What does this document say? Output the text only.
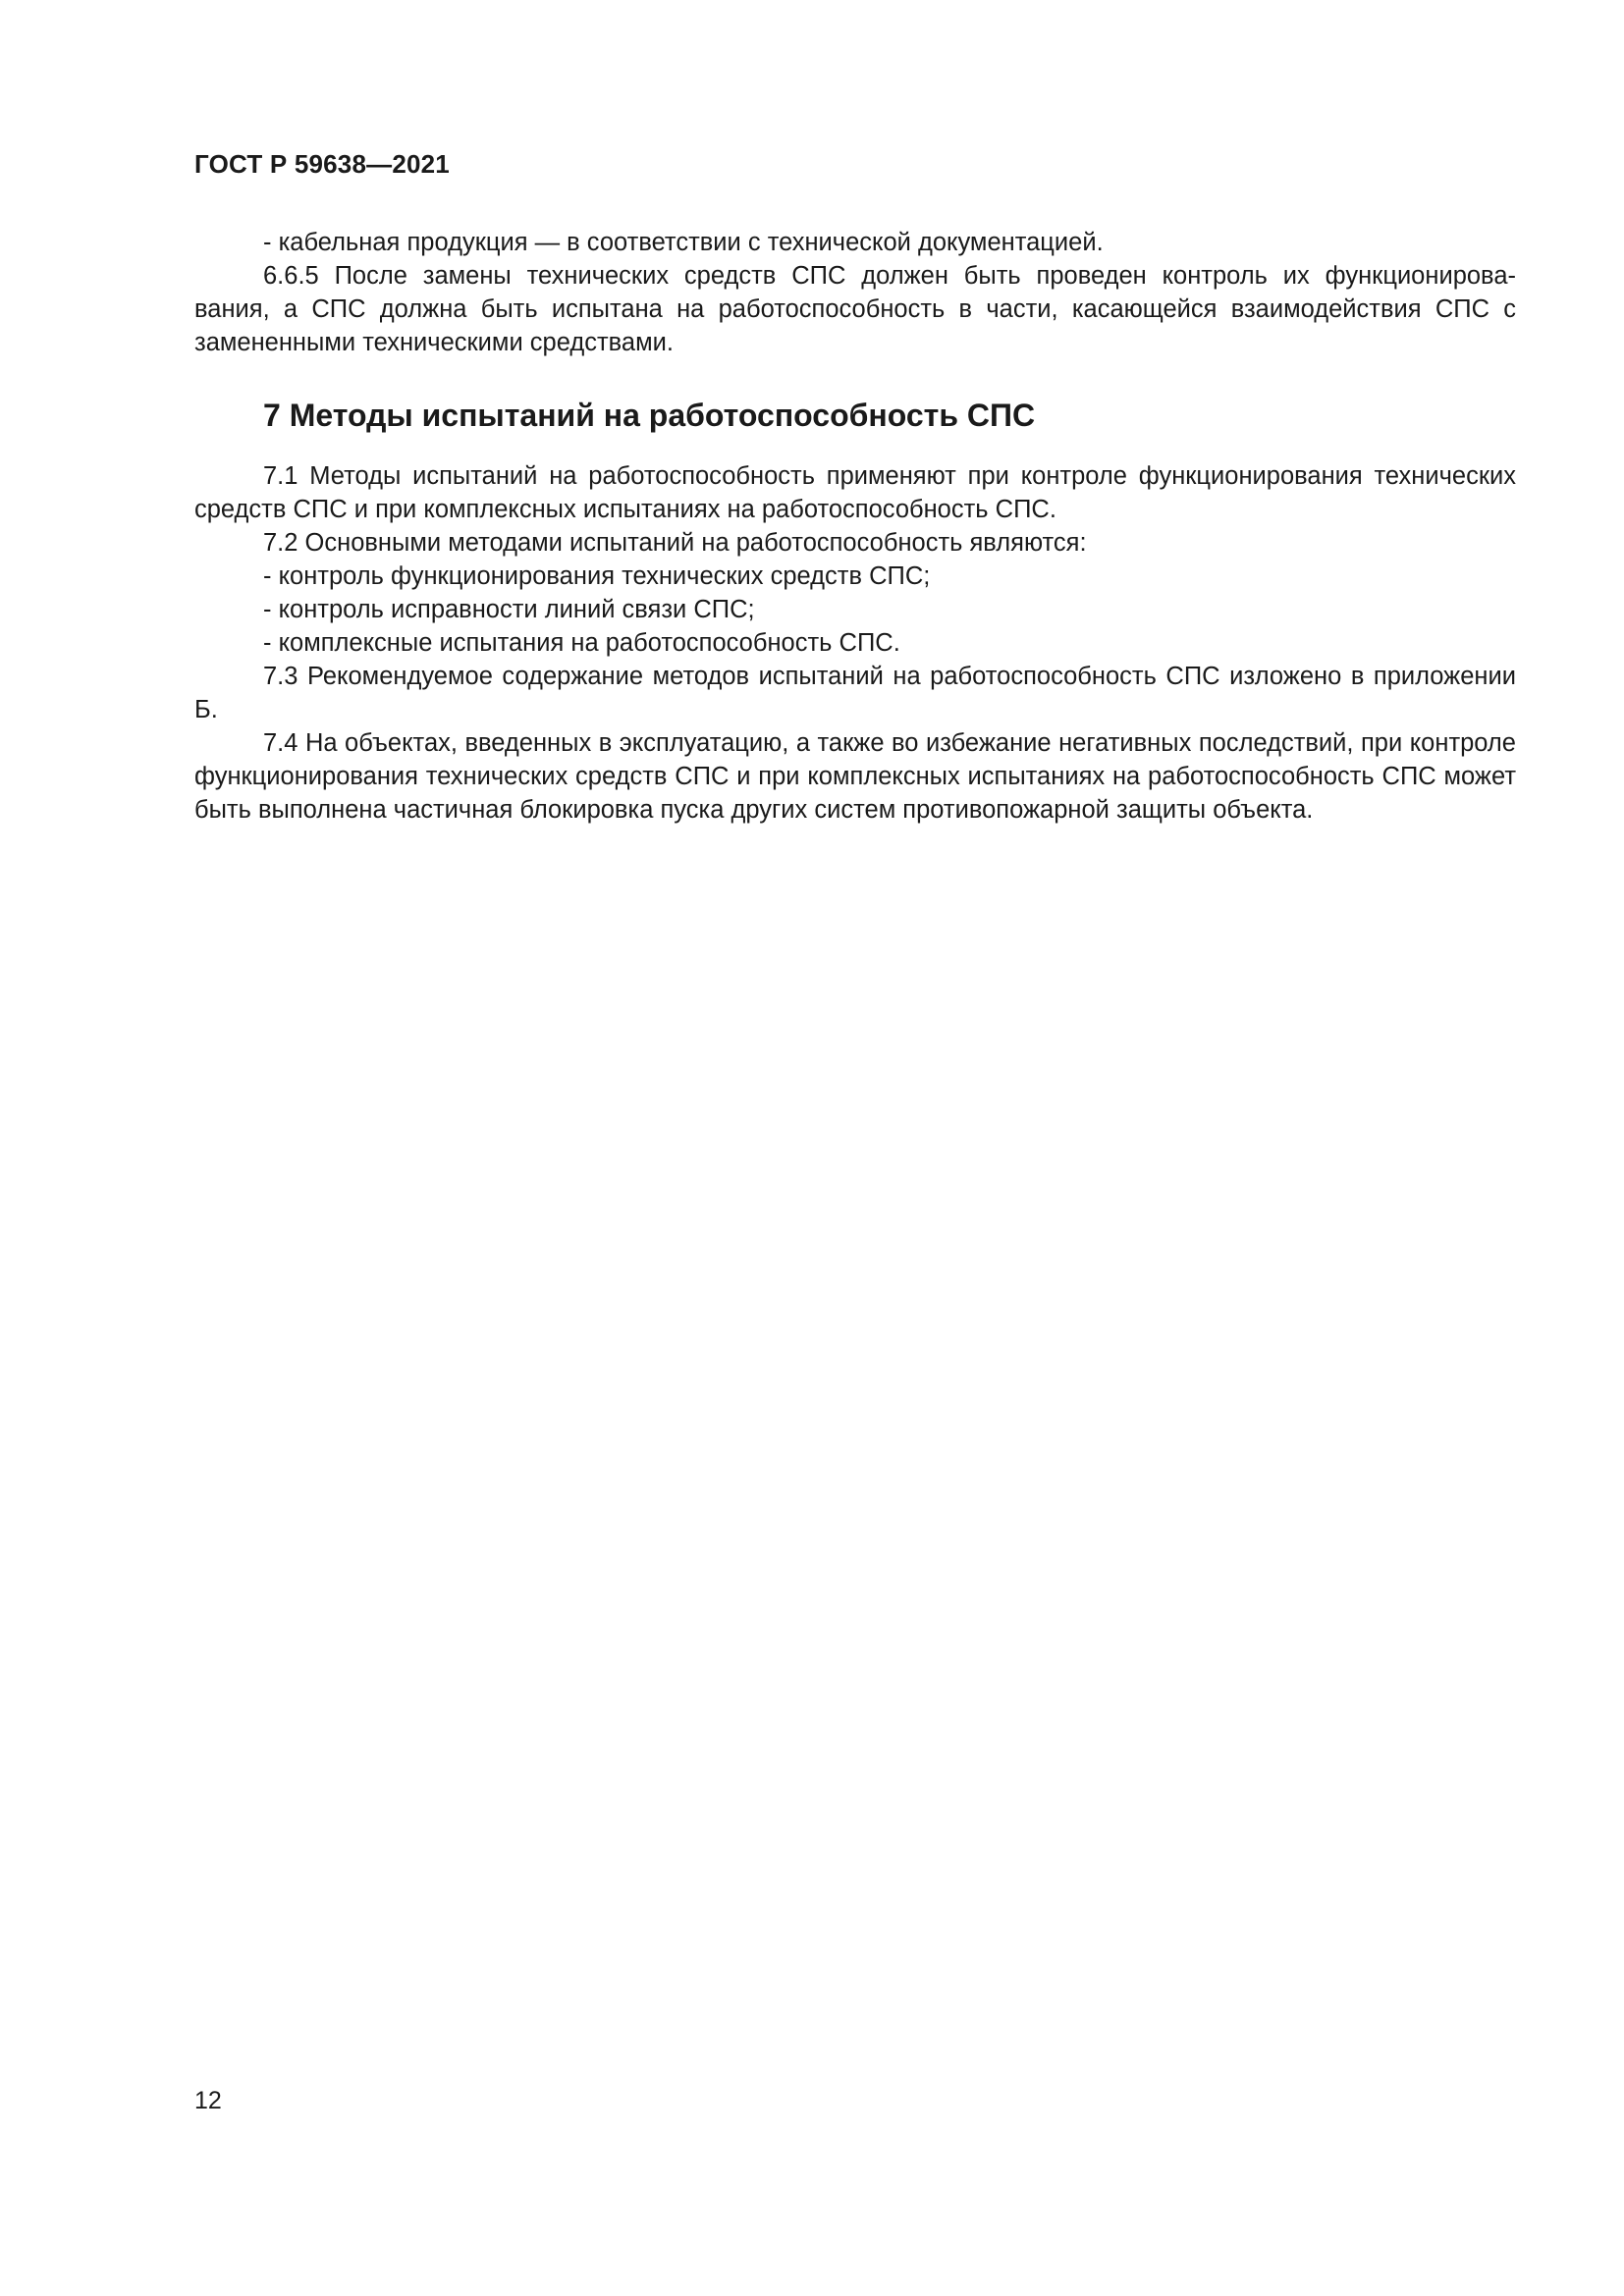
ГОСТ Р 59638—2021

- кабельная продукция — в соответствии с технической документацией.

6.6.5 После замены технических средств СПС должен быть проведен контроль их функционирова-

вания, а СПС должна быть испытана на работоспособность в части, касающейся взаимодействия СПС с замененными техническими средствами.

7 Методы испытаний на работоспособность СПС

7.1 Методы испытаний на работоспособность применяют при контроле функционирования технических средств СПС и при комплексных испытаниях на работоспособность СПС.

7.2 Основными методами испытаний на работоспособность являются:

- контроль функционирования технических средств СПС;

- контроль исправности линий связи СПС;

- комплексные испытания на работоспособность СПС.

7.3 Рекомендуемое содержание методов испытаний на работоспособность СПС изложено в приложении Б.

7.4 На объектах, введенных в эксплуатацию, а также во избежание негативных последствий, при контроле функционирования технических средств СПС и при комплексных испытаниях на работоспособность СПС может быть выполнена частичная блокировка пуска других систем противопожарной защиты объекта.

12
